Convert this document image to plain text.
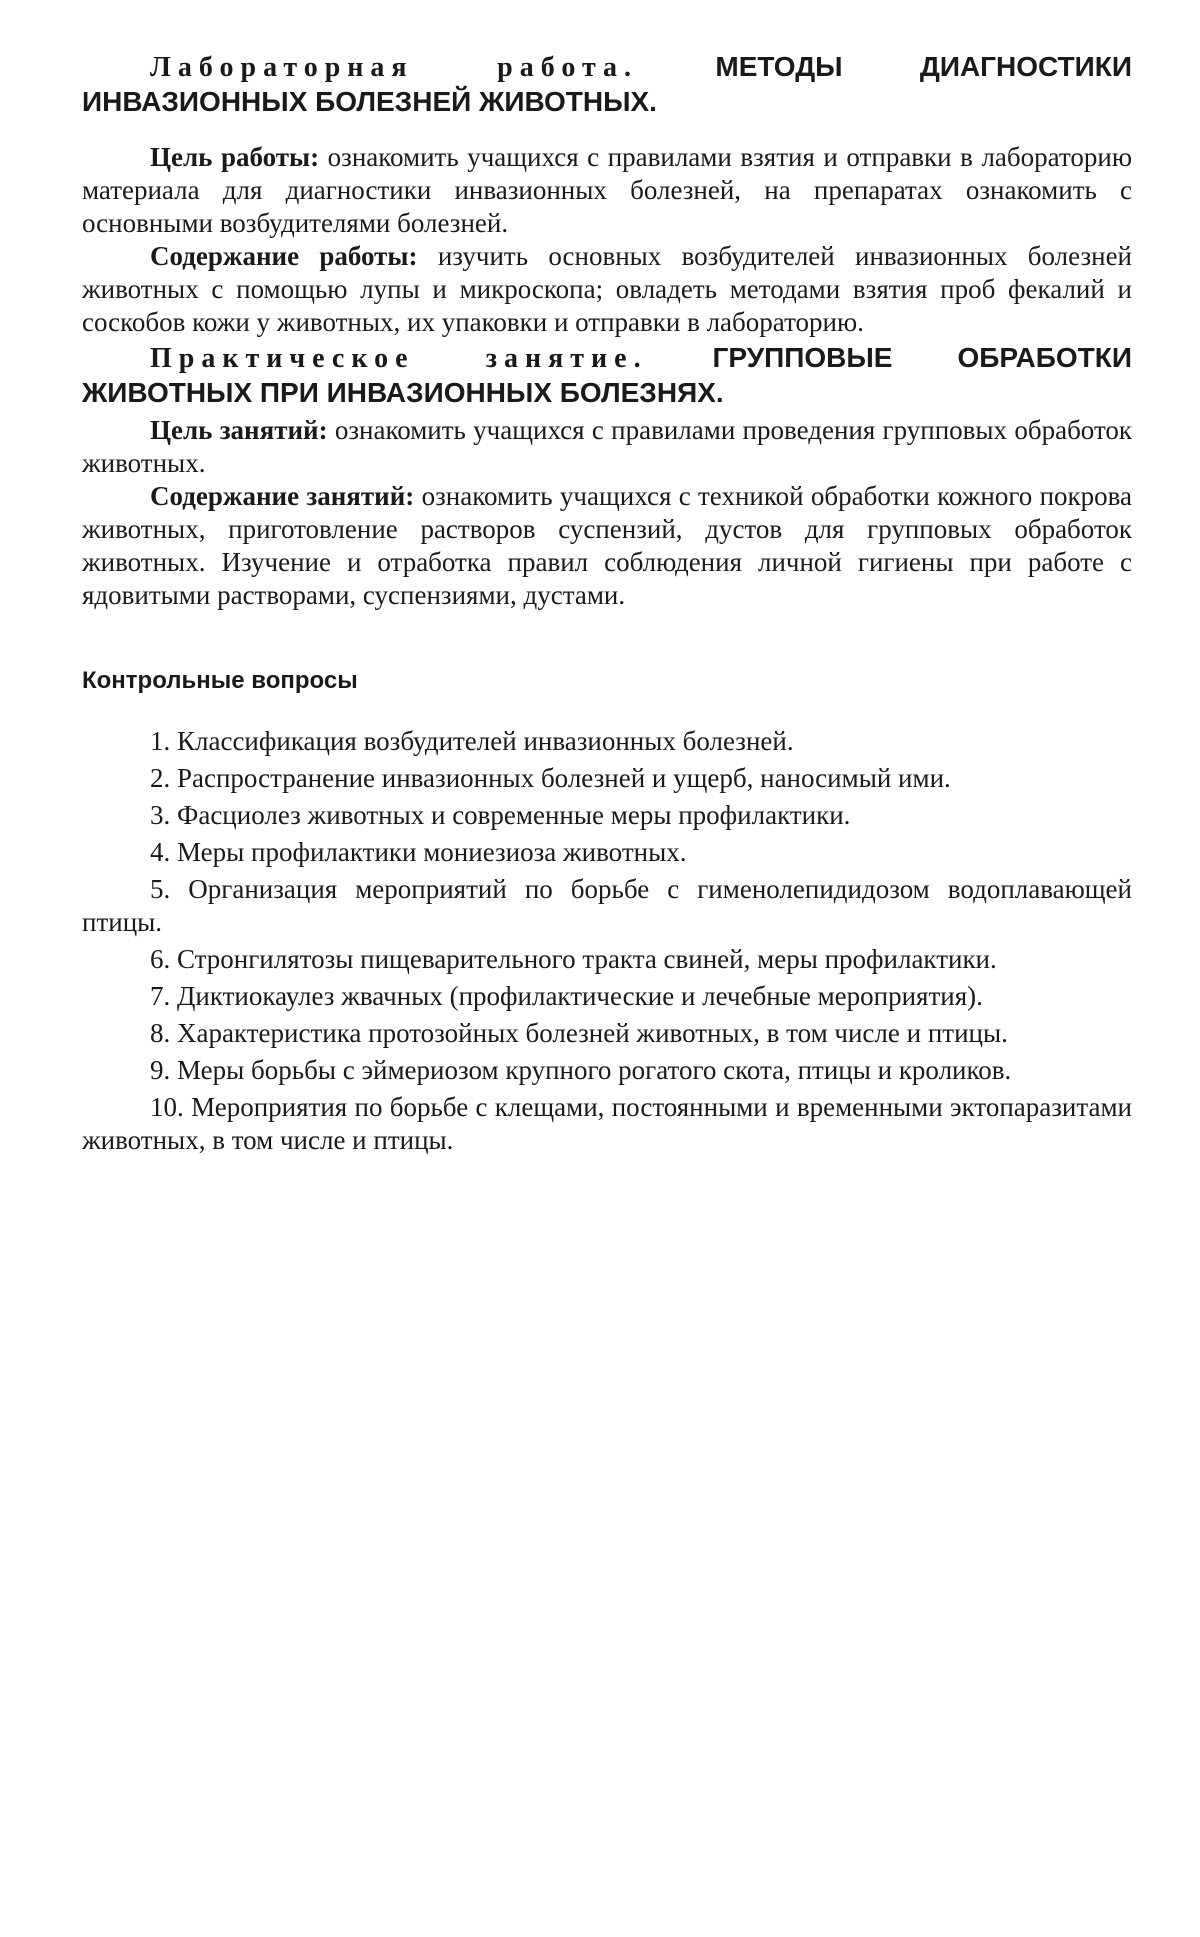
Лабораторная работа.	МЕТОДЫ ДИАГНОСТИКИ ИНВАЗИОННЫХ БОЛЕЗНЕЙ ЖИВОТНЫХ.

Цель работы: ознакомить учащихся с правилами взятия и отправки в лабораторию материала для диагностики инвазионных болезней, на препаратах ознакомить с основными возбудителями болезней.

Содержание работы: изучить основных возбудителей инвазионных болезней животных с помощью лупы и микроскопа; овладеть методами взятия проб фекалий и соскобов кожи у животных, их упаковки и отправки в лабораторию.

Практическое занятие. ГРУППОВЫЕ ОБРАБОТКИ ЖИВОТНЫХ ПРИ ИНВАЗИОННЫХ БОЛЕЗНЯХ.

Цель занятий: ознакомить учащихся с правилами проведения групповых обработок животных.

Содержание занятий: ознакомить учащихся с техникой обработки кожного покрова животных, приготовление растворов суспензий, дустов для групповых обработок животных. Изучение и отработка правил соблюдения личной гигиены при работе с ядовитыми растворами, суспензиями, дустами.

Контрольные вопросы

1. Классификация возбудителей инвазионных болезней.
2. Распространение инвазионных болезней и ущерб, наносимый ими.
3. Фасциолез животных и современные меры профилактики.
4. Меры профилактики мониезиоза животных.
5. Организация мероприятий по борьбе с гименолепидидозом водоплавающей птицы.
6. Стронгилятозы пищеварительного тракта свиней, меры профилактики.
7. Диктиокаулез жвачных (профилактические и лечебные мероприятия).
8. Характеристика протозойных болезней животных, в том числе и птицы.
9. Меры борьбы с эймериозом крупного рогатого скота, птицы и кроликов.
10. Мероприятия по борьбе с клещами, постоянными и временными эктопаразитами животных, в том числе и птицы.
